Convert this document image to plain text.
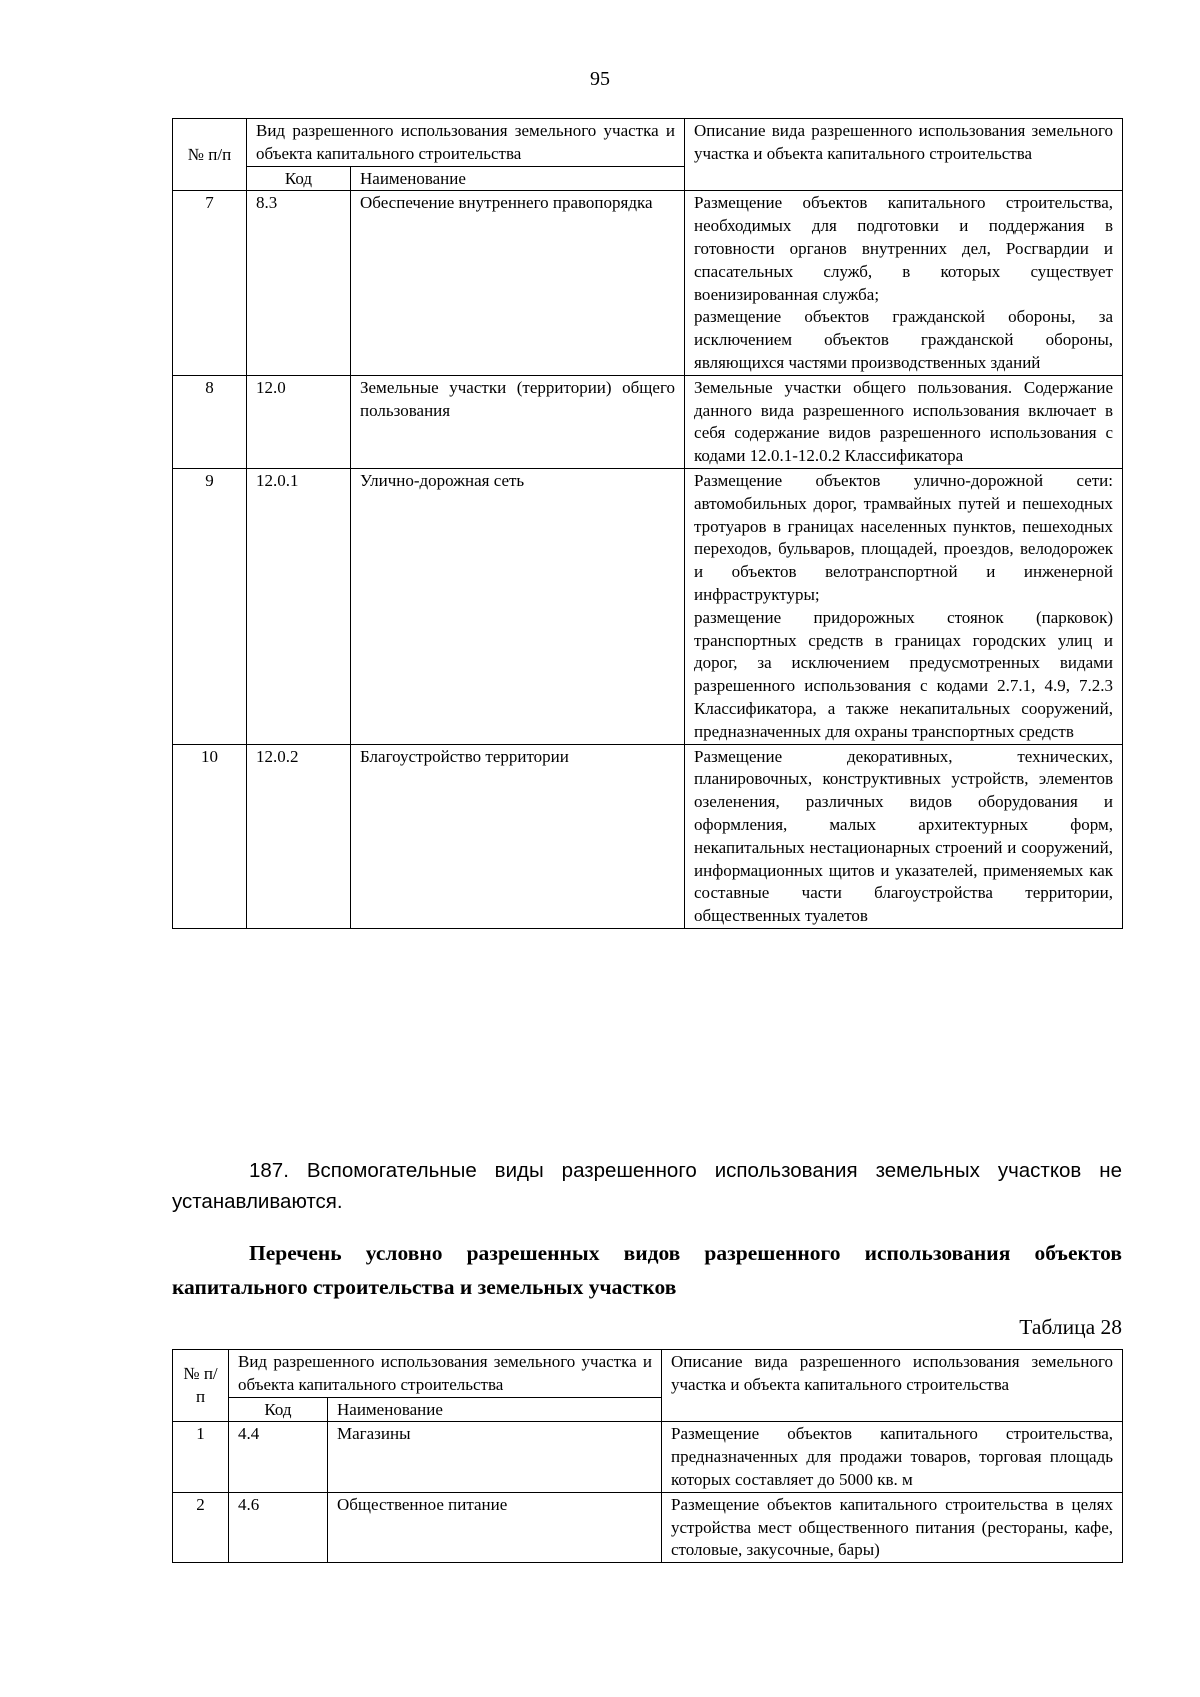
95
№ п/п	Вид разрешенного использования земельного участка и объекта капитального строительства		Описание вида разрешенного использования земельного участка и объекта капитального строительства
	Код	Наименование	
7	8.3	Обеспечение внутреннего правопорядка	Размещение объектов капитального строительства, необходимых для подготовки и поддержания в готовности органов внутренних дел, Росгвардии и спасательных служб, в которых существует военизированная служба;
размещение объектов гражданской обороны, за исключением объектов гражданской обороны, являющихся частями производственных зданий
8	12.0	Земельные участки (территории) общего пользования	Земельные участки общего пользования. Содержание данного вида разрешенного использования включает в себя содержание видов разрешенного использования с кодами 12.0.1-12.0.2 Классификатора
9	12.0.1	Улично-дорожная сеть	Размещение объектов улично-дорожной сети: автомобильных дорог, трамвайных путей и пешеходных тротуаров в границах населенных пунктов, пешеходных переходов, бульваров, площадей, проездов, велодорожек и объектов велотранспортной и инженерной инфраструктуры;
размещение придорожных стоянок (парковок) транспортных средств в границах городских улиц и дорог, за исключением предусмотренных видами разрешенного использования с кодами 2.7.1, 4.9, 7.2.3 Классификатора, а также некапитальных сооружений, предназначенных для охраны транспортных средств
10	12.0.2	Благоустройство территории	Размещение декоративных, технических, планировочных, конструктивных устройств, элементов озеленения, различных видов оборудования и оформления, малых архитектурных форм, некапитальных нестационарных строений и сооружений, информационных щитов и указателей, применяемых как составные части благоустройства территории, общественных туалетов
187. Вспомогательные виды разрешенного использования земельных участков не устанавливаются.
Перечень условно разрешенных видов разрешенного использования объектов капитального строительства и земельных участков
Таблица 28
№ п/п	Вид разрешенного использования земельного участка и объекта капитального строительства		Описание вида разрешенного использования земельного участка и объекта капитального строительства
	Код	Наименование	
1	4.4	Магазины	Размещение объектов капитального строительства, предназначенных для продажи товаров, торговая площадь которых составляет до 5000 кв. м
2	4.6	Общественное питание	Размещение объектов капитального строительства в целях устройства мест общественного питания (рестораны, кафе, столовые, закусочные, бары)
